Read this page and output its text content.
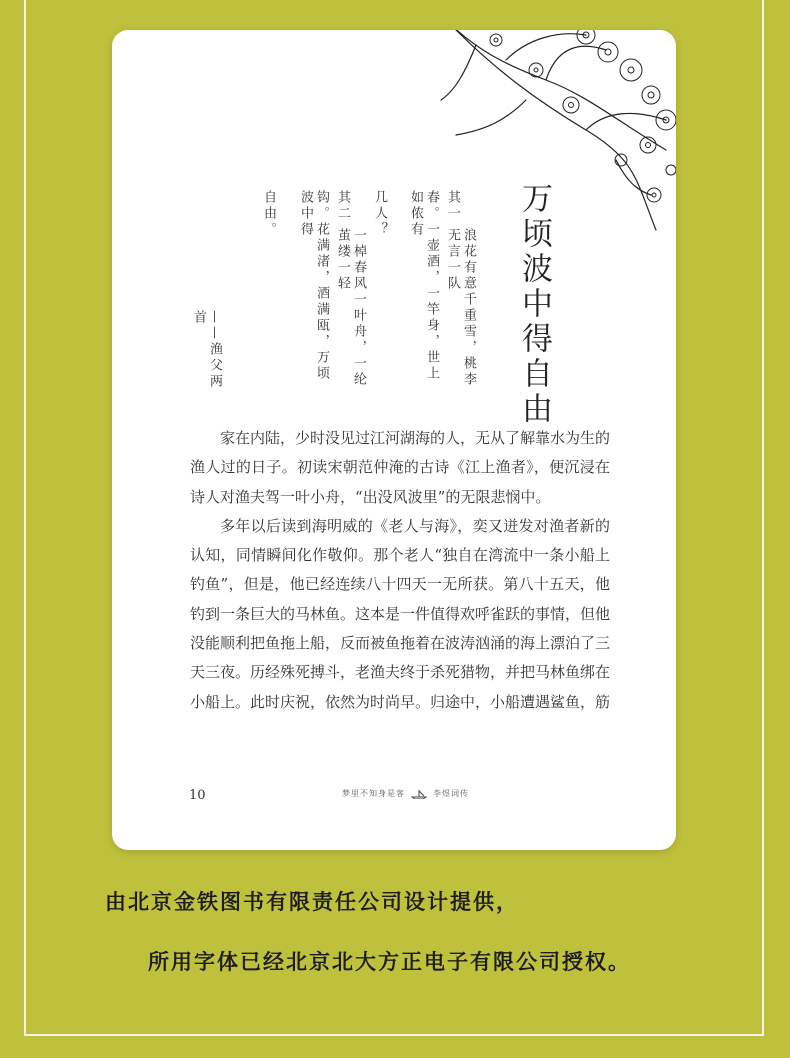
万顷波中得自由
其一
浪花有意千重雪，桃李无言一队
春。一壶酒，一竿身，世上如侬有
几人？
其二
一棹春风一叶舟，一纶茧缕一轻
钩。花满渚，酒满瓯，万顷波中得
自由。
——渔父两首

家在内陆，少时没见过江河湖海的人，无从了解靠水为生的渔人过的日子。初读宋朝范仲淹的古诗《江上渔者》，便沉浸在诗人对渔夫驾一叶小舟，“出没风波里”的无限悲悯中。

多年以后读到海明威的《老人与海》，奕又迸发对渔者新的认知，同情瞬间化作敬仰。那个老人“独自在湾流中一条小船上钓鱼”，但是，他已经连续八十四天一无所获。第八十五天，他钓到一条巨大的马林鱼。这本是一件值得欢呼雀跃的事情，但他没能顺利把鱼拖上船，反而被鱼拖着在波涛汹涌的海上漂泊了三天三夜。历经殊死搏斗，老渔夫终于杀死猎物，并把马林鱼绑在小船上。此时庆祝，依然为时尚早。归途中，小船遭遇鲨鱼，筋

10	梦里不知身是客	李煜词传
由北京金铁图书有限责任公司设计提供，
所用字体已经北京北大方正电子有限公司授权。
